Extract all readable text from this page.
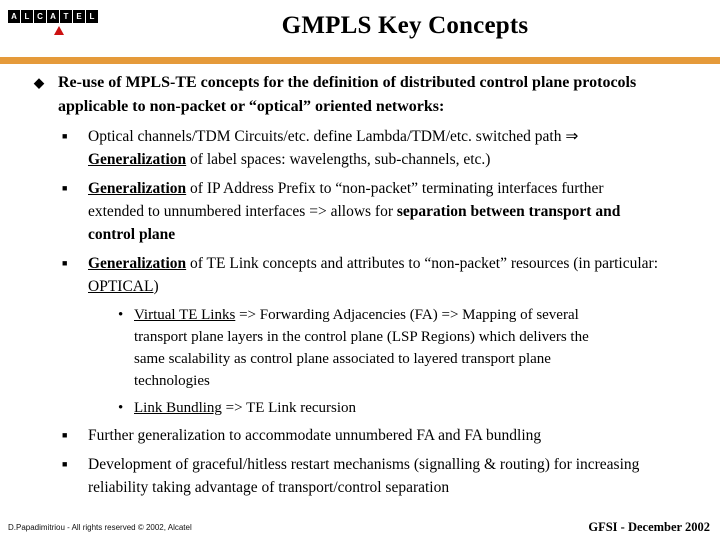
A L C A T E L	GMPLS Key Concepts
◆ Re-use of MPLS-TE concepts for the definition of distributed control plane protocols applicable to non-packet or “optical” oriented networks:
■	Optical channels/TDM Circuits/etc. define Lambda/TDM/etc. switched path ⇒ Generalization of label spaces: wavelengths, sub-channels, etc.)
■	Generalization of IP Address Prefix to “non-packet” terminating interfaces further extended to unnumbered interfaces => allows for separation between transport and control plane
■	Generalization of TE Link concepts and attributes to “non-packet” resources (in particular: OPTICAL)
• Virtual TE Links => Forwarding Adjacencies (FA) => Mapping of several transport plane layers in the control plane (LSP Regions) which delivers the same scalability as control plane associated to layered transport plane technologies
• Link Bundling => TE Link recursion
■	Further generalization to accommodate unnumbered FA and FA bundling
■	Development of graceful/hitless restart mechanisms (signalling & routing) for increasing reliability taking advantage of transport/control separation
D.Papadimitriou - All rights reserved © 2002, Alcatel	GFSI - December 2002
